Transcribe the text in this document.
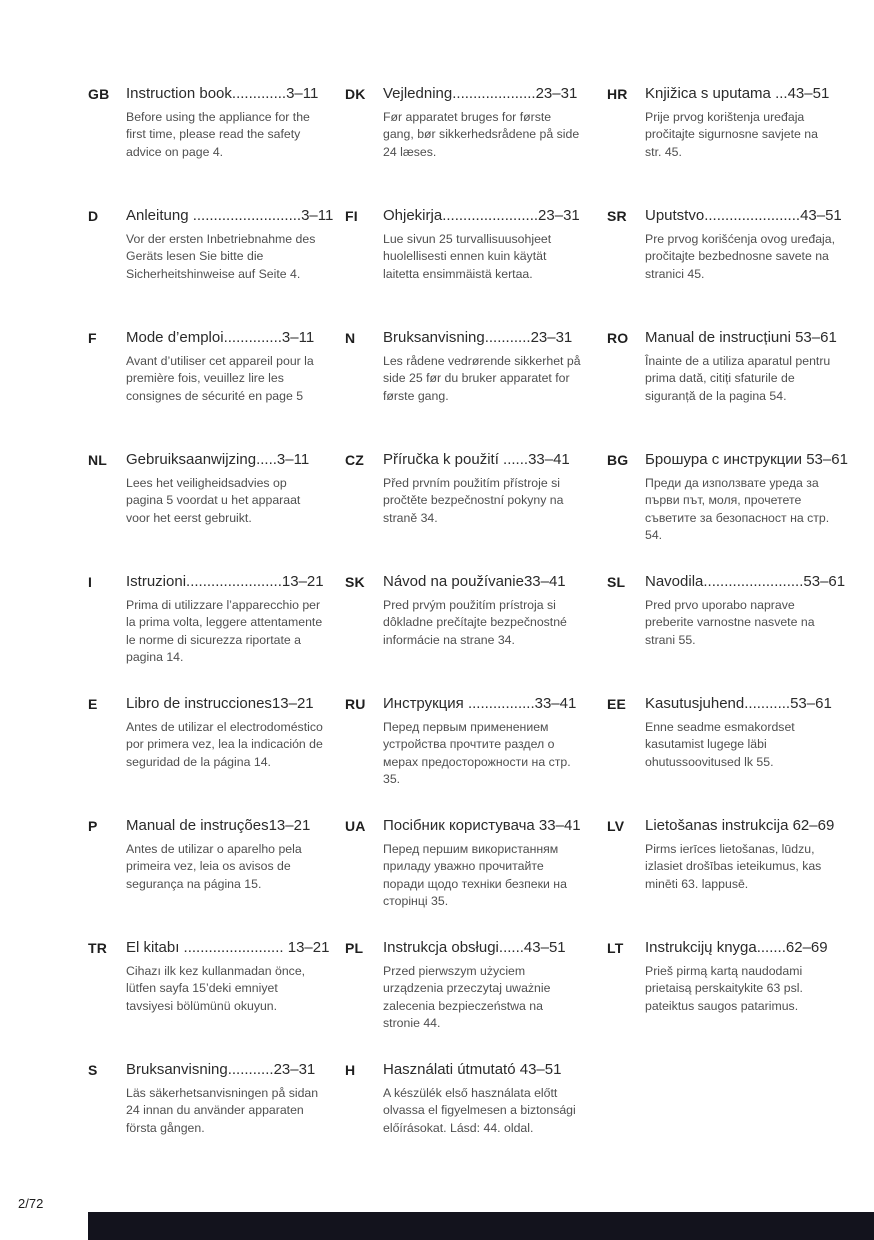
GB	Instruction book.............3–11

Before using the appliance for the first time, please read the safety advice on page 4.

D	Anleitung ..........................3–11

Vor der ersten Inbetriebnahme des Geräts lesen Sie bitte die Sicherheitshinweise auf Seite 4.

F	Mode d’emploi..............3–11

Avant d’utiliser cet appareil pour la première fois, veuillez lire les consignes de sécurité en page 5

NL	Gebruiksaanwijzing.....3–11

Lees het veiligheidsadvies op pagina 5 voordat u het apparaat voor het eerst gebruikt.

I	Istruzioni.......................13–21

Prima di utilizzare l’apparecchio per la prima volta, leggere attentamente le norme di sicurezza riportate a pagina 14.

E	Libro de instrucciones13–21

Antes de utilizar el electrodoméstico por primera vez, lea la indicación de seguridad de la página 14.

P	Manual de instruções13–21

Antes de utilizar o aparelho pela primeira vez, leia os avisos de segurança na página 15.

TR	El kitabı ........................ 13–21

Cihazı ilk kez kullanmadan önce, lütfen sayfa 15’deki emniyet tavsiyesi bölümünü okuyun.

S	Bruksanvisning...........23–31

Läs säkerhetsanvisningen på sidan 24 innan du använder apparaten första gången.

DK	Vejledning....................23–31

Før apparatet bruges for første gang, bør sikkerhedsrådene på side 24 læses.

FI	Ohjekirja.......................23–31

Lue sivun 25 turvallisuusohjeet huolellisesti ennen kuin käytät laitetta ensimmäistä kertaa.

N	Bruksanvisning...........23–31

Les rådene vedrørende sikkerhet på side 25 før du bruker apparatet for første gang.

CZ	Příručka k použití ......33–41

Před prvním použitím přístroje si pročtěte bezpečnostní pokyny na straně 34.

SK	Návod na používanie33–41

Pred prvým použitím prístroja si dôkladne prečítajte bezpečnostné informácie na strane 34.

RU	Инструкция ................33–41

Перед первым применением устройства прочтите раздел о мерах предосторожности на стр. 35.

UA	Посібник користувача 33–41

Перед першим використанням приладу уважно прочитайте поради щодо техніки безпеки на сторінці 35.

PL	Instrukcja obsługi......43–51

Przed pierwszym użyciem urządzenia przeczytaj uważnie zalecenia bezpieczeństwa na stronie 44.

H	Használati útmutató 43–51

A készülék első használata előtt olvassa el figyelmesen a biztonsági előírásokat. Lásd: 44. oldal.

HR	Knjižica s uputama ...43–51

Prije prvog korištenja uređaja pročitajte sigurnosne savjete na str. 45.

SR	Uputstvo.......................43–51

Pre prvog korišćenja ovog uređaja, pročitajte bezbednosne savete na stranici 45.

RO	Manual de instrucțiuni 53–61

Înainte de a utiliza aparatul pentru prima dată, citiți sfaturile de siguranță de la pagina 54.

BG	Брошура с инструкции 53–61

Преди да използвате уреда за първи път, моля, прочетете съветите за безопасност на стр. 54.

SL	Navodila........................53–61

Pred prvo uporabo naprave preberite varnostne nasvete na strani 55.

EE	Kasutusjuhend...........53–61

Enne seadme esmakordset kasutamist lugege läbi ohutussoovitused lk 55.

LV	Lietošanas instrukcija 62–69

Pirms ierīces lietošanas, lūdzu, izlasiet drošības ieteikumus, kas minēti 63. lappusē.

LT	Instrukcijų knyga.......62–69

Prieš pirmą kartą naudodami prietaisą perskaitykite 63 psl. pateiktus saugos patarimus.

2/72
